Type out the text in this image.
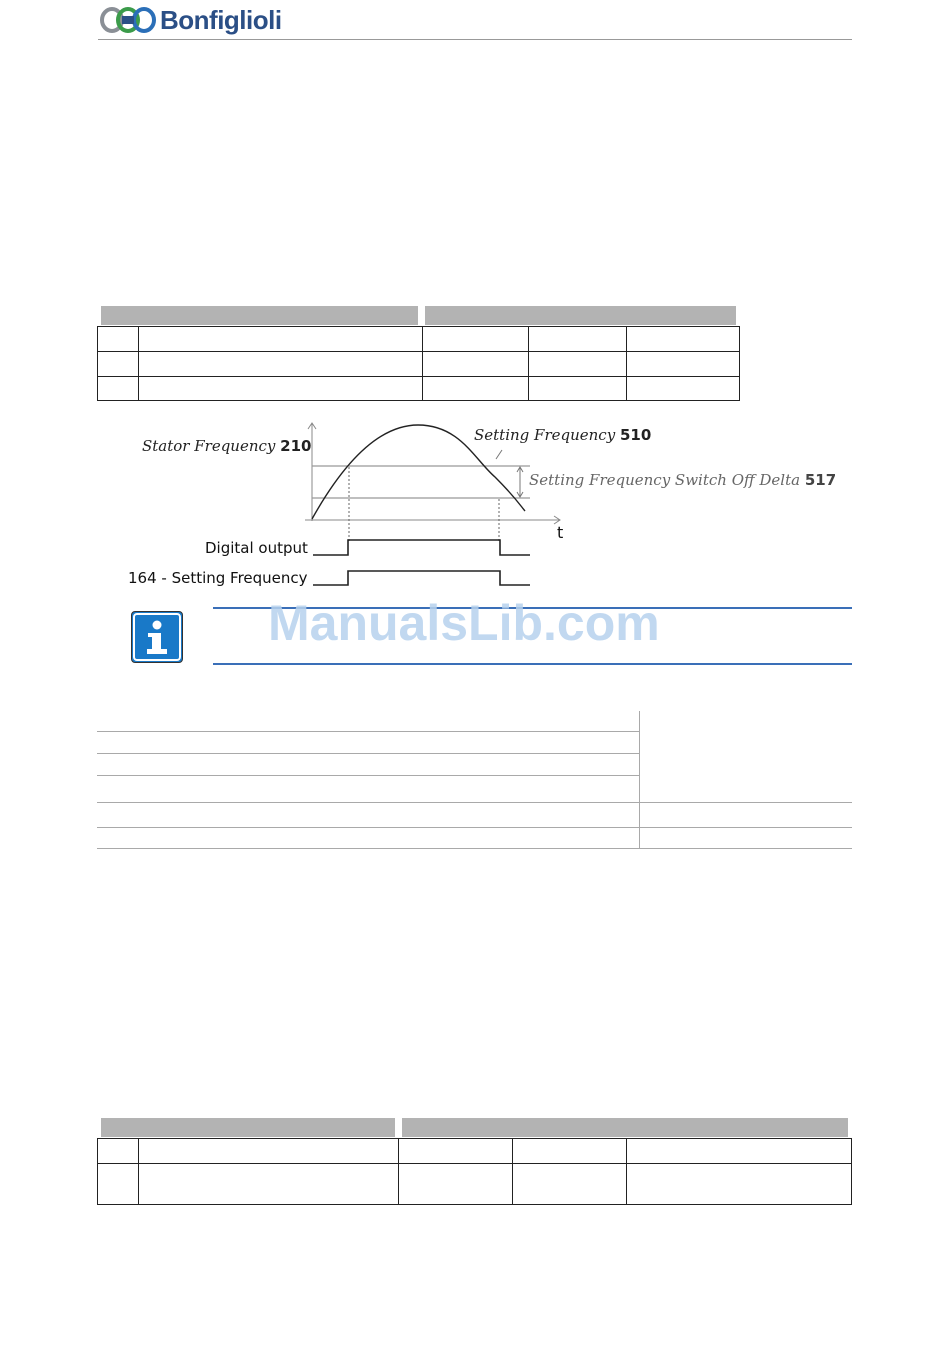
Bonfiglioli

Stator Frequency 210
Setting Frequency 510
Setting Frequency Switch Off Delta 517
t
Digital output
164 - Setting Frequency
ManualsLib.com
